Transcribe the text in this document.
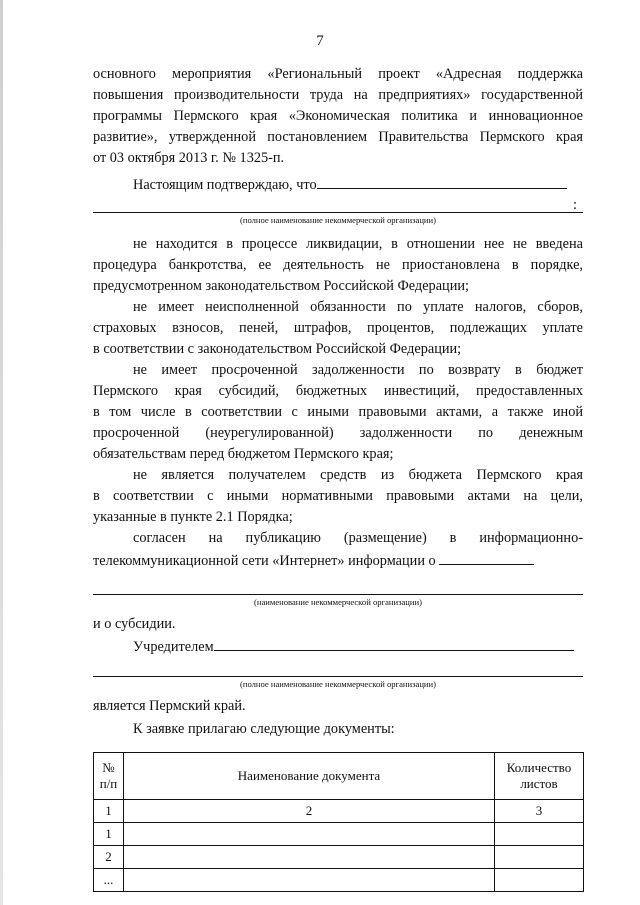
7

основного мероприятия «Региональный проект «Адресная поддержка

повышения производительности труда на предприятиях» государственной

программы Пермского края «Экономическая политика и инновационное

развитие», утвержденной постановлением Правительства Пермского края

от 03 октября 2013 г. № 1325-п.

Настоящим подтверждаю, что

:
(полное наименование некоммерческой организации)

не находится в процессе ликвидации, в отношении нее не введена

процедура банкротства, ее деятельность не приостановлена в порядке,

предусмотренном законодательством Российской Федерации;

не имеет неисполненной обязанности по уплате налогов, сборов,

страховых взносов, пеней, штрафов, процентов, подлежащих уплате

в соответствии с законодательством Российской Федерации;

не имеет просроченной задолженности по возврату в бюджет

Пермского края субсидий, бюджетных инвестиций, предоставленных

в том числе в соответствии с иными правовыми актами, а также иной

просроченной (неурегулированной) задолженности по денежным

обязательствам перед бюджетом Пермского края;

не является получателем средств из бюджета Пермского края

в соответствии с иными нормативными правовыми актами на цели,

указанные в пункте 2.1 Порядка;

согласен на публикацию (размещение) в информационно-

телекоммуникационной сети «Интернет» информации о

(наименование некоммерческой организации)

и о субсидии.

Учредителем

(полное наименование некоммерческой организации)

является Пермский край.

К заявке прилагаю следующие документы:

№ п/п	Наименование документа	Количество листов
1	2	3
1		
2		
...		
